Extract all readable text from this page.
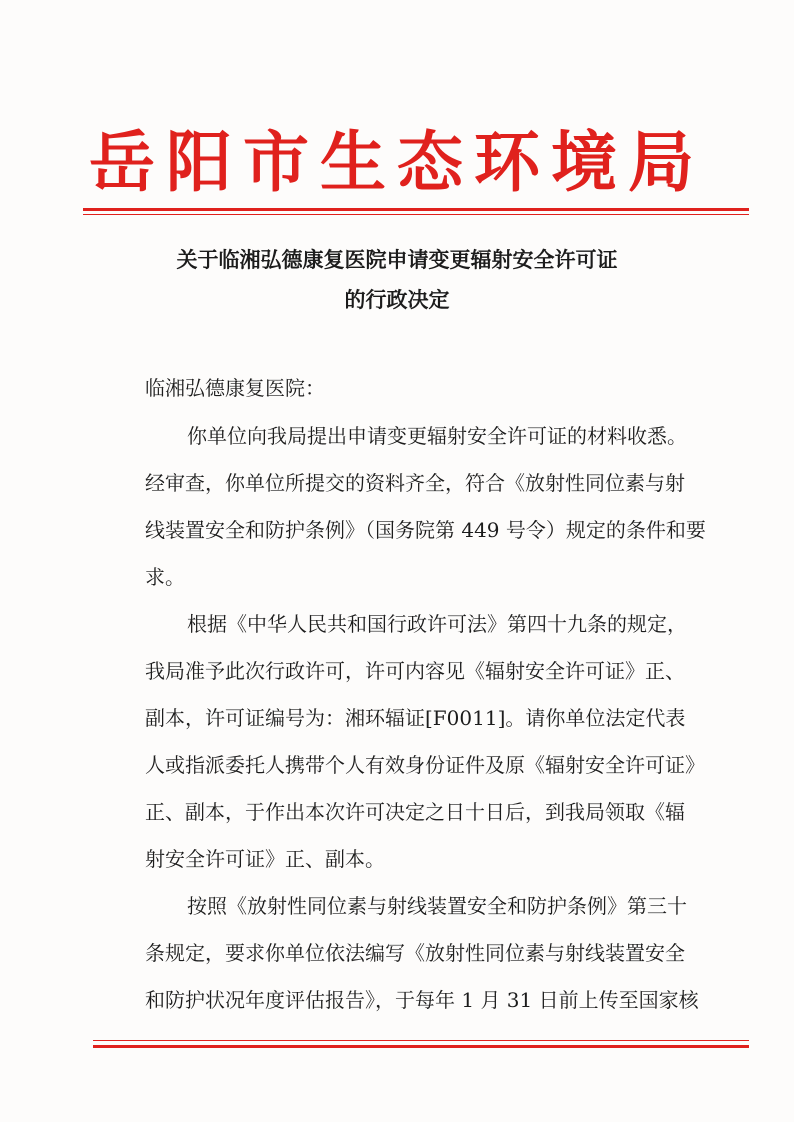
岳阳市生态环境局
关于临湘弘德康复医院申请变更辐射安全许可证
的行政决定
临湘弘德康复医院：
你单位向我局提出申请变更辐射安全许可证的材料收悉。
经审查，你单位所提交的资料齐全，符合《放射性同位素与射
线装置安全和防护条例》（国务院第 449 号令）规定的条件和要
求。
根据《中华人民共和国行政许可法》第四十九条的规定，
我局准予此次行政许可，许可内容见《辐射安全许可证》正、
副本，许可证编号为：湘环辐证[F0011]。请你单位法定代表
人或指派委托人携带个人有效身份证件及原《辐射安全许可证》
正、副本，于作出本次许可决定之日十日后，到我局领取《辐
射安全许可证》正、副本。
按照《放射性同位素与射线装置安全和防护条例》第三十
条规定，要求你单位依法编写《放射性同位素与射线装置安全
和防护状况年度评估报告》，于每年 1 月 31 日前上传至国家核
